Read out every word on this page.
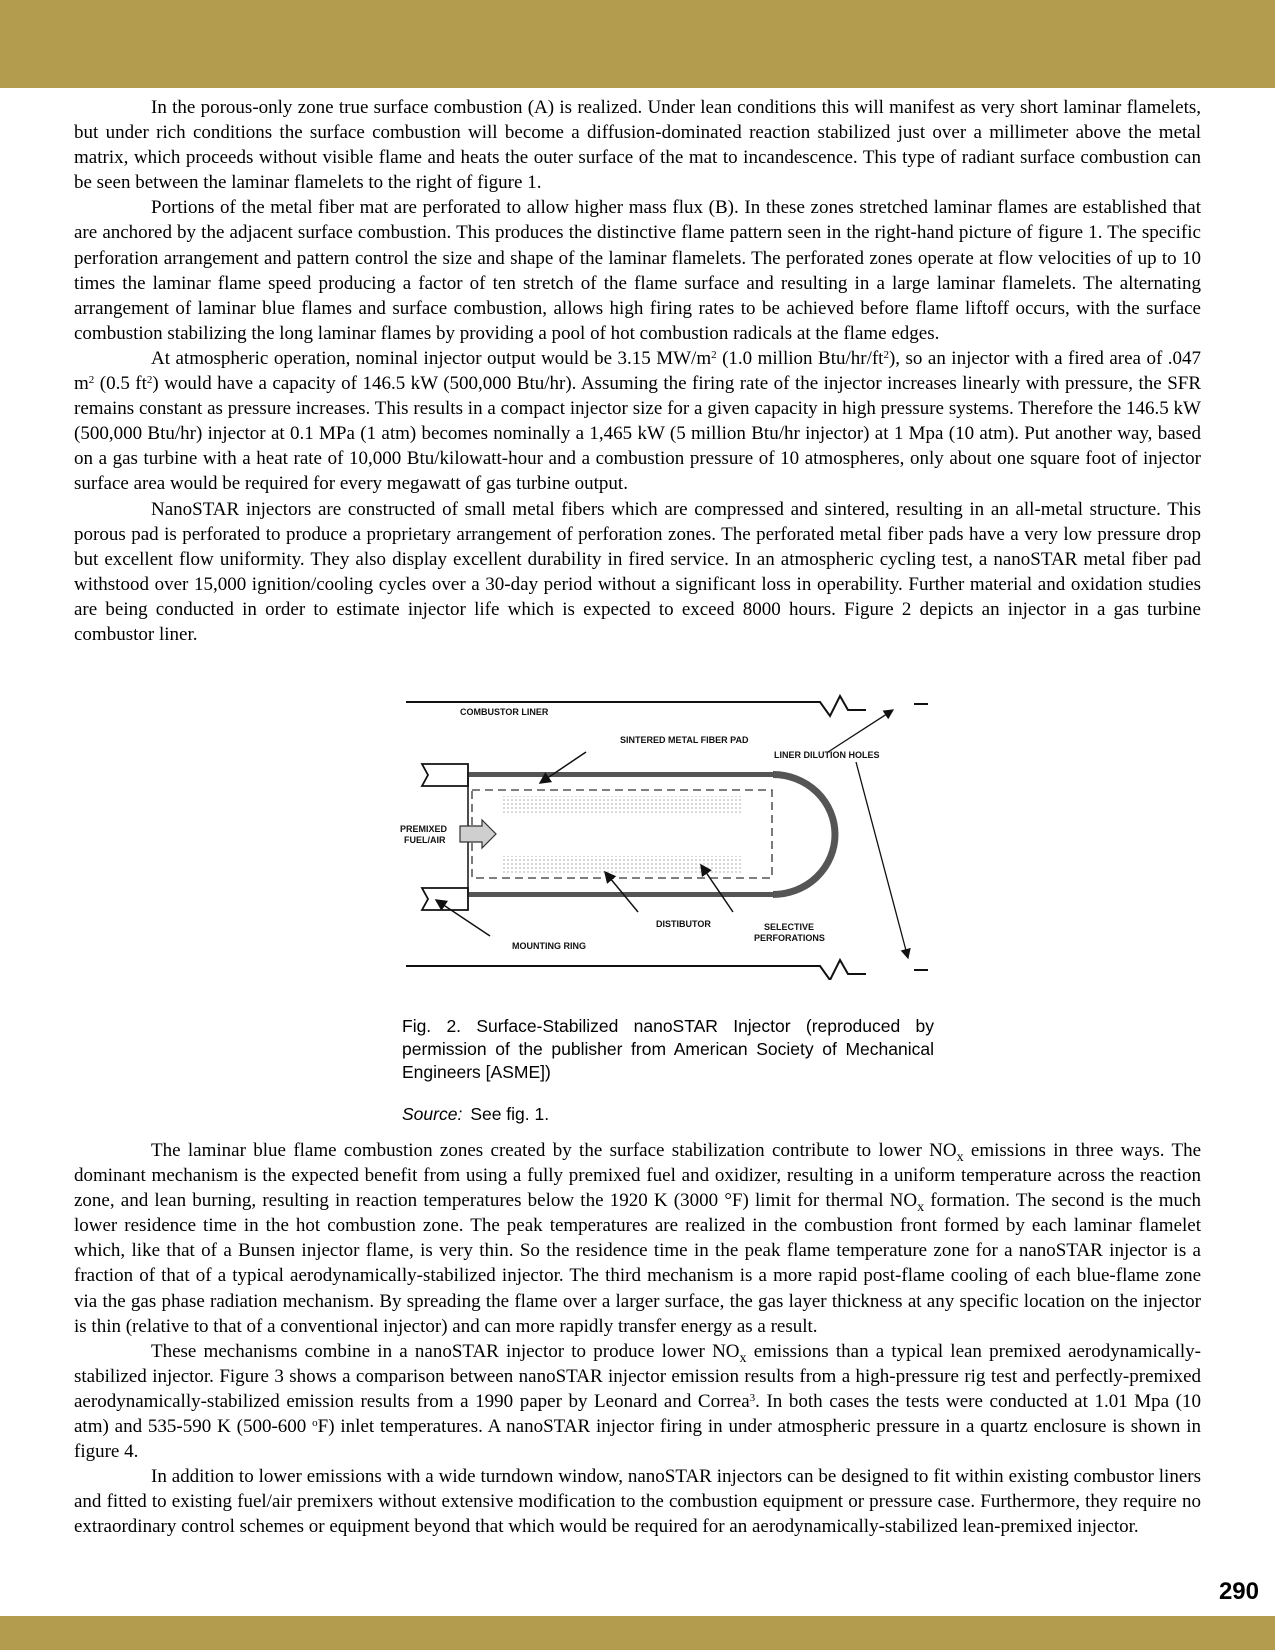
In the porous-only zone true surface combustion (A) is realized. Under lean conditions this will manifest as very short laminar flamelets, but under rich conditions the surface combustion will become a diffusion-dominated reaction stabilized just over a millimeter above the metal matrix, which proceeds without visible flame and heats the outer surface of the mat to incandescence. This type of radiant surface combustion can be seen between the laminar flamelets to the right of figure 1.

Portions of the metal fiber mat are perforated to allow higher mass flux (B). In these zones stretched laminar flames are established that are anchored by the adjacent surface combustion. This produces the distinctive flame pattern seen in the right-hand picture of figure 1. The specific perforation arrangement and pattern control the size and shape of the laminar flamelets. The perforated zones operate at flow velocities of up to 10 times the laminar flame speed producing a factor of ten stretch of the flame surface and resulting in a large laminar flamelets. The alternating arrangement of laminar blue flames and surface combustion, allows high firing rates to be achieved before flame liftoff occurs, with the surface combustion stabilizing the long laminar flames by providing a pool of hot combustion radicals at the flame edges.

At atmospheric operation, nominal injector output would be 3.15 $MW/m^2$ (1.0 million Btu/$hr/ft^2$), so an injector with a fired area of .047 $m^2$ (0.5 $ft^2$) would have a capacity of 146.5 kW (500,000 Btu/hr). Assuming the firing rate of the injector increases linearly with pressure, the SFR remains constant as pressure increases. This results in a compact injector size for a given capacity in high pressure systems. Therefore the 146.5 kW (500,000 Btu/hr) injector at 0.1 MPa (1 atm) becomes nominally a 1,465 kW (5 million Btu/hr injector) at 1 Mpa (10 atm). Put another way, based on a gas turbine with a heat rate of 10,000 Btu/kilowatt-hour and a combustion pressure of 10 atmospheres, only about one square foot of injector surface area would be required for every megawatt of gas turbine output.

NanoSTAR injectors are constructed of small metal fibers which are compressed and sintered, resulting in an all-metal structure. This porous pad is perforated to produce a proprietary arrangement of perforation zones. The perforated metal fiber pads have a very low pressure drop but excellent flow uniformity. They also display excellent durability in fired service. In an atmospheric cycling test, a nanoSTAR metal fiber pad withstood over 15,000 ignition/cooling cycles over a 30-day period without a significant loss in operability. Further material and oxidation studies are being conducted in order to estimate injector life which is expected to exceed 8000 hours. Figure 2 depicts an injector in a gas turbine combustor liner.

COMBUSTOR LINER
SINTERED METAL FIBER PAD
LINER DILUTION HOLES
PREMIXED
FUEL/AIR
DISTIBUTOR	SELECTIVE
PERFORATIONS
MOUNTING RING
Fig. 2. Surface-Stabilized nanoSTAR Injector (reproduced by permission of the publisher from American Society of Mechanical Engineers [ASME])
Source: See fig. 1.

The laminar blue flame combustion zones created by the surface stabilization contribute to lower $NO_x$ emissions in three ways. The dominant mechanism is the expected benefit from using a fully premixed fuel and oxidizer, resulting in a uniform temperature across the reaction zone, and lean burning, resulting in reaction temperatures below the 1920 K (3000 °F) limit for thermal $NO_x$ formation. The second is the much lower residence time in the hot combustion zone. The peak temperatures are realized in the combustion front formed by each laminar flamelet which, like that of a Bunsen injector flame, is very thin. So the residence time in the peak flame temperature zone for a nanoSTAR injector is a fraction of that of a typical aerodynamically-stabilized injector. The third mechanism is a more rapid post-flame cooling of each blue-flame zone via the gas phase radiation mechanism. By spreading the flame over a larger surface, the gas layer thickness at any specific location on the injector is thin (relative to that of a conventional injector) and can more rapidly transfer energy as a result.

These mechanisms combine in a nanoSTAR injector to produce lower $NO_x$ emissions than a typical lean premixed aerodynamically-stabilized injector. Figure 3 shows a comparison between nanoSTAR injector emission results from a high-pressure rig test and perfectly-premixed aerodynamically-stabilized emission results from a 1990 paper by Leonard and Correa$^3$. In both cases the tests were conducted at 1.01 Mpa (10 atm) and 535-590 K (500-600 $^o$F) inlet temperatures. A nanoSTAR injector firing in under atmospheric pressure in a quartz enclosure is shown in figure 4.

In addition to lower emissions with a wide turndown window, nanoSTAR injectors can be designed to fit within existing combustor liners and fitted to existing fuel/air premixers without extensive modification to the combustion equipment or pressure case. Furthermore, they require no extraordinary control schemes or equipment beyond that which would be required for an aerodynamically-stabilized lean-premixed injector.

290
